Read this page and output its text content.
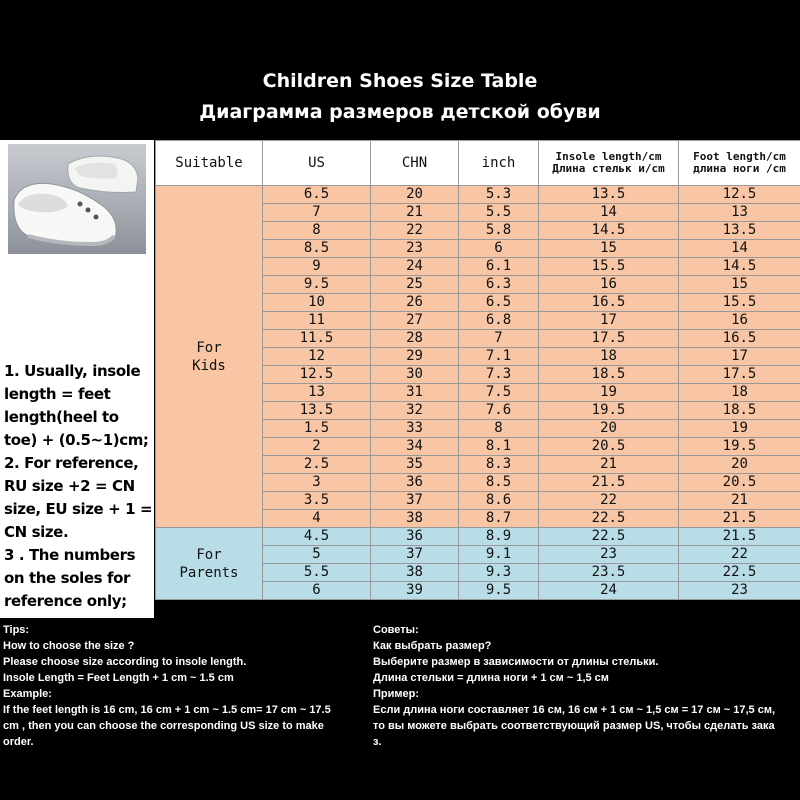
Children Shoes Size Table
Диаграмма размеров детской обуви
1. Usually, insole
length = feet
length(heel to
toe) + (0.5~1)cm;
2. For reference,
RU size +2 = CN
size, EU size + 1 =
CN size.
3 . The numbers
on the soles for
reference only;
Suitable	US	CHN	inch	Insole length/cm Длина стельк и/cm	Foot length/cm длина ноги /cm

For
Kids	6.5	20	5.3	13.5	12.5
	7	21	5.5	14	13
	8	22	5.8	14.5	13.5
	8.5	23	6	15	14
	9	24	6.1	15.5	14.5
	9.5	25	6.3	16	15
	10	26	6.5	16.5	15.5
	11	27	6.8	17	16
	11.5	28	7	17.5	16.5
	12	29	7.1	18	17
	12.5	30	7.3	18.5	17.5
	13	31	7.5	19	18
	13.5	32	7.6	19.5	18.5
	1.5	33	8	20	19
	2	34	8.1	20.5	19.5
	2.5	35	8.3	21	20
	3	36	8.5	21.5	20.5
	3.5	37	8.6	22	21
	4	38	8.7	22.5	21.5

For
Parents	4.5	36	8.9	22.5	21.5
	5	37	9.1	23	22
	5.5	38	9.3	23.5	22.5
	6	39	9.5	24	23
Tips:
How to choose the size ?
Please choose size according to insole length.
Insole Length = Feet Length + 1 cm ~ 1.5 cm
Example:
If the feet length is 16 cm, 16 cm + 1 cm ~ 1.5 cm= 17 cm ~ 17.5
cm , then you can choose the corresponding US size to make
order.
Советы:
Как выбрать размер?
Выберите размер в зависимости от длины стельки.
Длина стельки = длина ноги + 1 см ~ 1,5 см
Пример:
Если длина ноги составляет 16 см, 16 см + 1 см ~ 1,5 см = 17 см ~ 17,5 см,
то вы можете выбрать соответствующий размер US, чтобы сделать зака
з.
